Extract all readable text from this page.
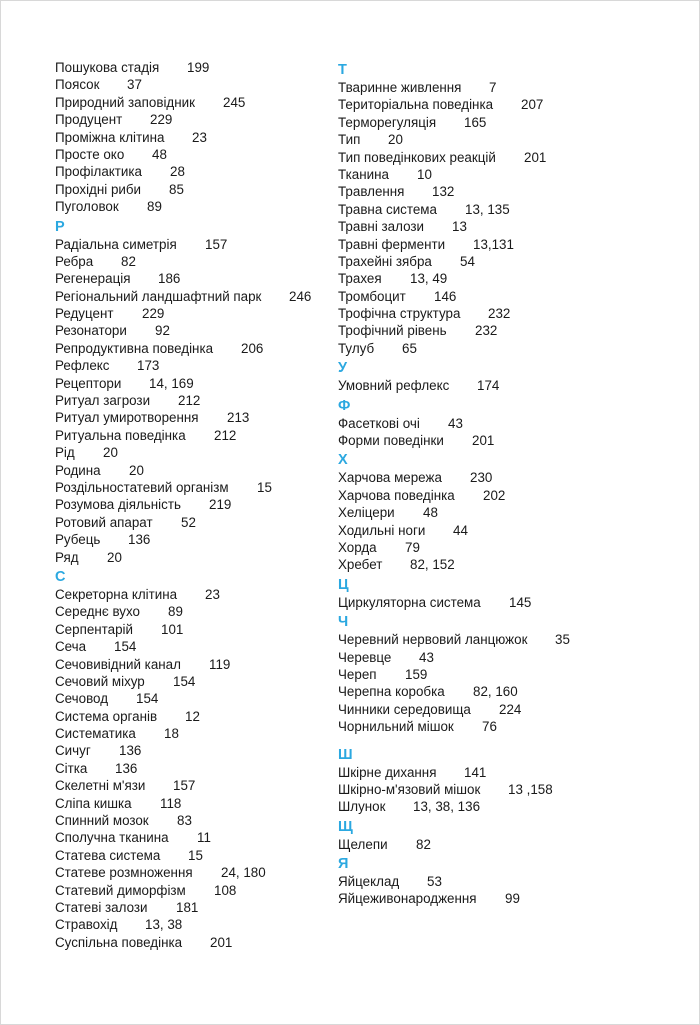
Пошукова стадія 199
Поясок 37
Природний заповідник 245
Продуцент 229
Проміжна клітина 23
Просте око 48
Профілактика 28
Прохідні риби 85
Пуголовок 89
Р
Радіальна симетрія 157
Ребра 82
Регенерація 186
Регіональний ландшафтний парк 246
Редуцент 229
Резонатори 92
Репродуктивна поведінка 206
Рефлекс 173
Рецептори 14, 169
Ритуал загрози 212
Ритуал умиротворення 213
Ритуальна поведінка 212
Рід 20
Родина 20
Роздільностатевий організм 15
Розумова діяльність 219
Ротовий апарат 52
Рубець 136
Ряд 20
С
Секреторна клітина 23
Середнє вухо 89
Серпентарій 101
Сеча 154
Сечовивідний канал 119
Сечовий міхур 154
Сечовод 154
Система органів 12
Систематика 18
Сичуг 136
Сітка 136
Скелетні м'язи 157
Сліпа кишка 118
Спинний мозок 83
Сполучна тканина 11
Статева система 15
Статеве розмноження 24, 180
Статевий диморфізм 108
Статеві залози 181
Стравохід 13, 38
Суспільна поведінка 201
Т
Тваринне живлення 7
Територіальна поведінка 207
Терморегуляція 165
Тип 20
Тип поведінкових реакцій 201
Тканина 10
Травлення 132
Травна система 13, 135
Травні залози 13
Травні ферменти 13,131
Трахейні зябра 54
Трахея 13, 49
Тромбоцит 146
Трофічна структура 232
Трофічний рівень 232
Тулуб 65
У
Умовний рефлекс 174
Ф
Фасеткові очі 43
Форми поведінки 201
Х
Харчова мережа 230
Харчова поведінка 202
Хеліцери 48
Ходильні ноги 44
Хорда 79
Хребет 82, 152
Ц
Циркуляторна система 145
Ч
Черевний нервовий ланцюжок 35
Черевце 43
Череп 159
Черепна коробка 82, 160
Чинники середовища 224
Чорнильний мішок 76
Ш
Шкірне дихання 141
Шкірно-м'язовий мішок 13 ,158
Шлунок 13, 38, 136
Щ
Щелепи 82
Я
Яйцеклад 53
Яйцеживонародження 99
